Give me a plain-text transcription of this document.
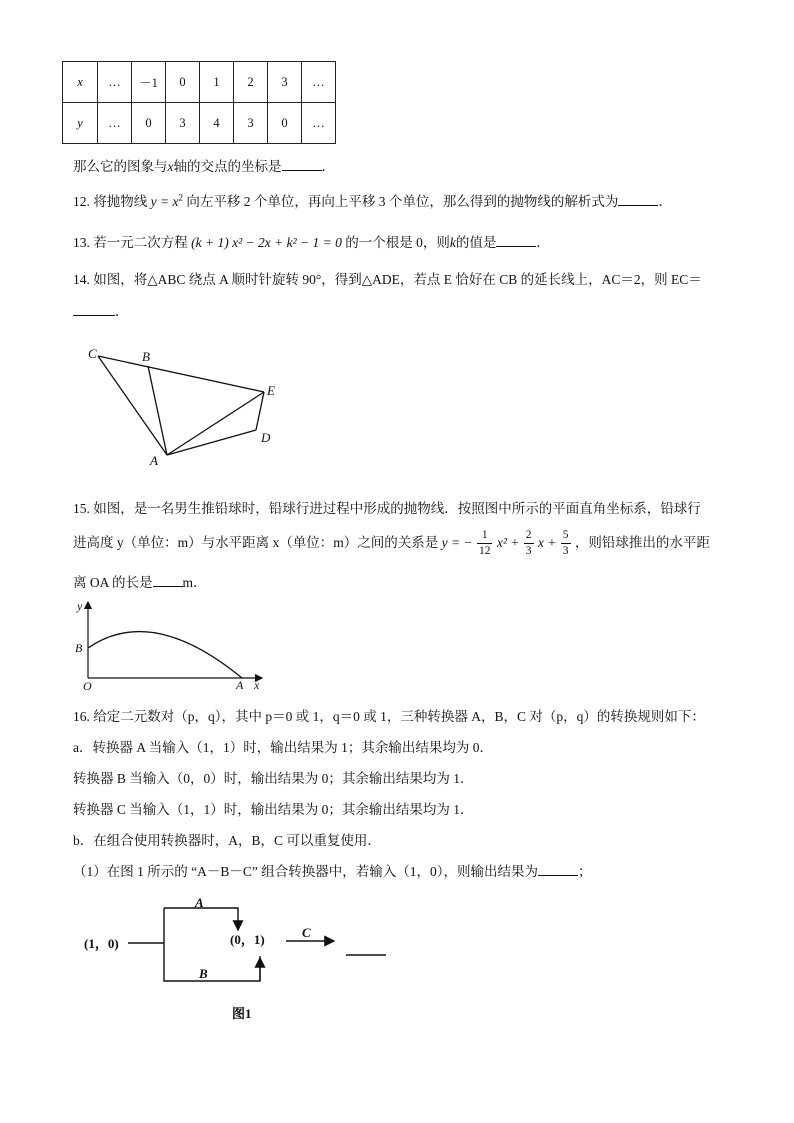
x	…	－1	0	1	2	3	…
y	…	0	3	4	3	0	…
那么它的图象与x轴的交点的坐标是	．
12. 将抛物线 $y = x^2$ 向左平移 2 个单位，再向上平移 3 个单位，那么得到的抛物线的解析式为	．
13. 若一元二次方程 (k + 1) x² − 2x + k² − 1 = 0 的一个根是 0，则k的值是	．
14. 如图，将△ABC 绕点 A 顺时针旋转 90°，得到△ADE，若点 E 恰好在 CB 的延长线上，AC＝2，则 EC＝
．
C	B
E
D
A
15. 如图，是一名男生推铅球时，铅球行进过程中形成的抛物线．按照图中所示的平面直角坐标系，铅球行
进高度 y（单位：m）与水平距离 x（单位：m）之间的关系是 y = − $\frac{1}{12} x^2 + \frac{2}{3}$ $x + \frac{5}{3}$ ，则铅球推出的水平距
离 OA 的长是 m．
y
B
O	A x
16. 给定二元数对（p，q），其中 p＝0 或 1，q＝0 或 1，三种转换器 A，B，C 对（p，q）的转换规则如下：
a．转换器 A 当输入（1，1）时，输出结果为 1；其余输出结果均为 0．
转换器 B 当输入（0，0）时，输出结果为 0；其余输出结果均为 1．
转换器 C 当输入（1，1）时，输出结果为 0；其余输出结果均为 1．
b．在组合使用转换器时，A，B，C 可以重复使用．
（1）在图 1 所示的 “A－B－C” 组合转换器中，若输入（1，0），则输出结果为	；
(1，0)
A
B
(0，1)	C
图1
